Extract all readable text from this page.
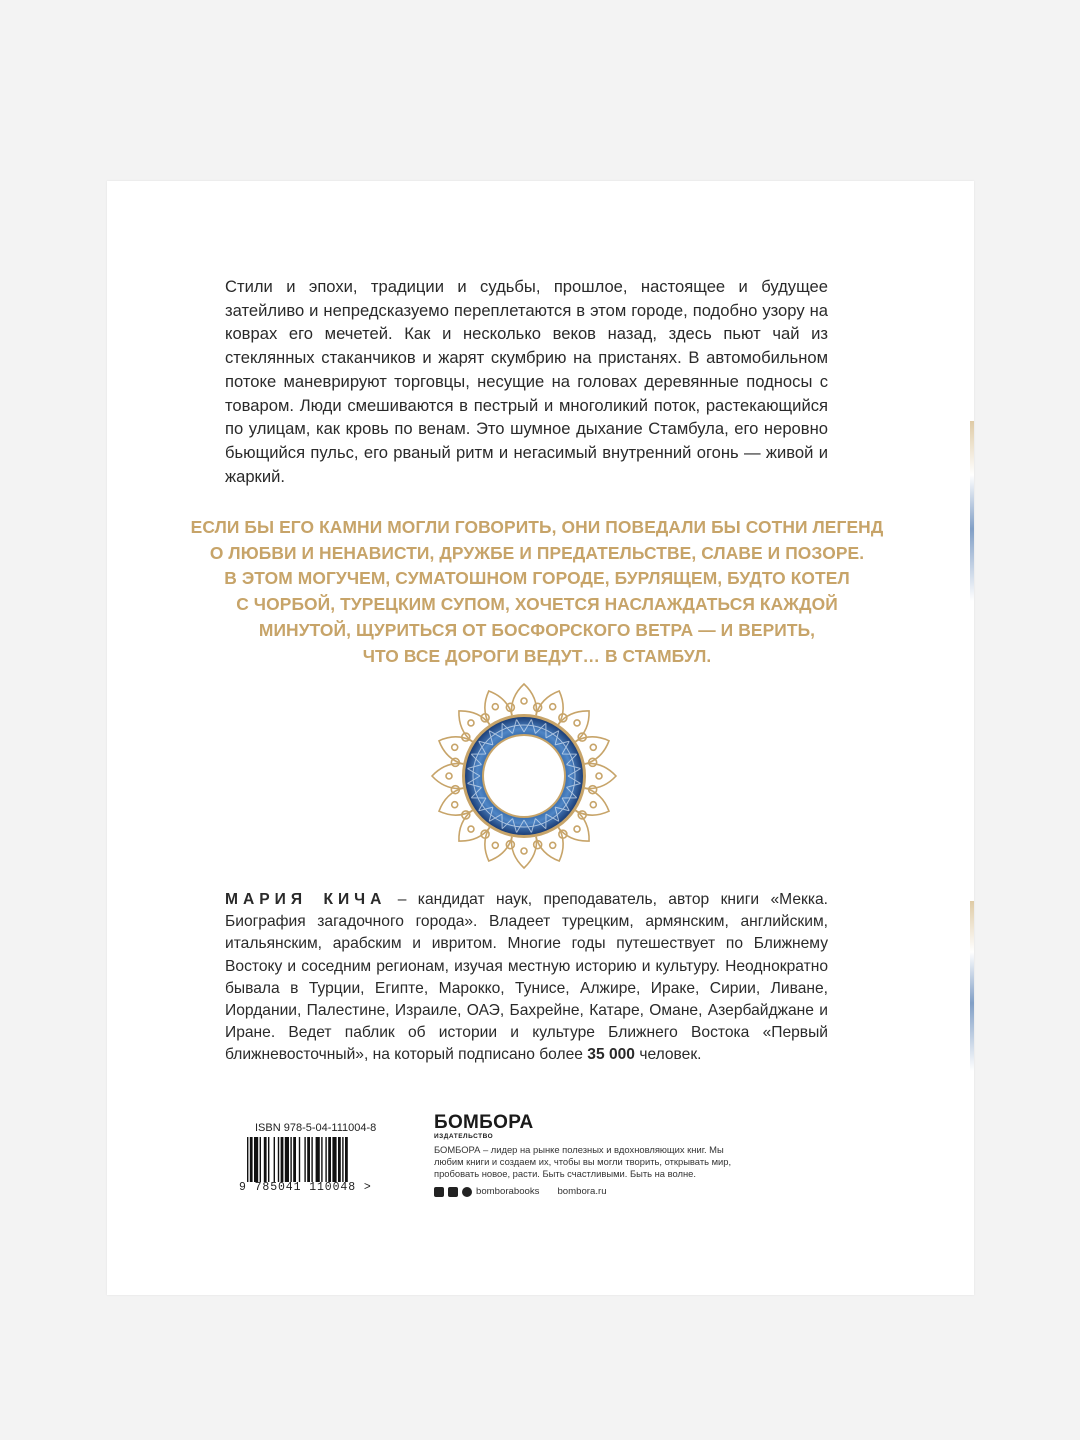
Стили и эпохи, традиции и судьбы, прошлое, настоящее и будущее затейливо и непредсказуемо переплетаются в этом городе, подобно узору на коврах его мечетей. Как и несколько веков назад, здесь пьют чай из стеклянных стаканчиков и жарят скумбрию на пристанях. В автомобильном потоке маневрируют торговцы, несущие на головах деревянные подносы с товаром. Люди смешиваются в пестрый и многоликий поток, растекающийся по улицам, как кровь по венам. Это шумное дыхание Стамбула, его неровно бьющийся пульс, его рваный ритм и негасимый внутренний огонь — живой и жаркий.
ЕСЛИ БЫ ЕГО КАМНИ МОГЛИ ГОВОРИТЬ, ОНИ ПОВЕДАЛИ БЫ СОТНИ ЛЕГЕНД
О ЛЮБВИ И НЕНАВИСТИ, ДРУЖБЕ И ПРЕДАТЕЛЬСТВЕ, СЛАВЕ И ПОЗОРЕ.
В ЭТОМ МОГУЧЕМ, СУМАТОШНОМ ГОРОДЕ, БУРЛЯЩЕМ, БУДТО КОТЕЛ
С ЧОРБОЙ, ТУРЕЦКИМ СУПОМ, ХОЧЕТСЯ НАСЛАЖДАТЬСЯ КАЖДОЙ
МИНУТОЙ, ЩУРИТЬСЯ ОТ БОСФОРСКОГО ВЕТРА — И ВЕРИТЬ,
ЧТО ВСЕ ДОРОГИ ВЕДУТ… В СТАМБУЛ.
МАРИЯ КИЧА – кандидат наук, преподаватель, автор книги «Мекка. Биография загадочного города». Владеет турецким, армянским, английским, итальянским, арабским и ивритом. Многие годы путешествует по Ближнему Востоку и соседним регионам, изучая местную историю и культуру. Неоднократно бывала в Турции, Египте, Марокко, Тунисе, Алжире, Ираке, Сирии, Ливане, Иордании, Палестине, Израиле, ОАЭ, Бахрейне, Катаре, Омане, Азербайджане и Иране. Ведет паблик об истории и культуре Ближнего Востока «Первый ближневосточный», на который подписано более 35 000 человек.
ISBN 978-5-04-111004-8
9 785041 110048 >
БОМБОРА
ИЗДАТЕЛЬСТВО
БОМБОРА – лидер на рынке полезных и вдохновляющих книг. Мы любим книги и создаем их, чтобы вы могли творить, открывать мир, пробовать новое, расти. Быть счастливыми. Быть на волне.
bomborabooks bombora.ru
